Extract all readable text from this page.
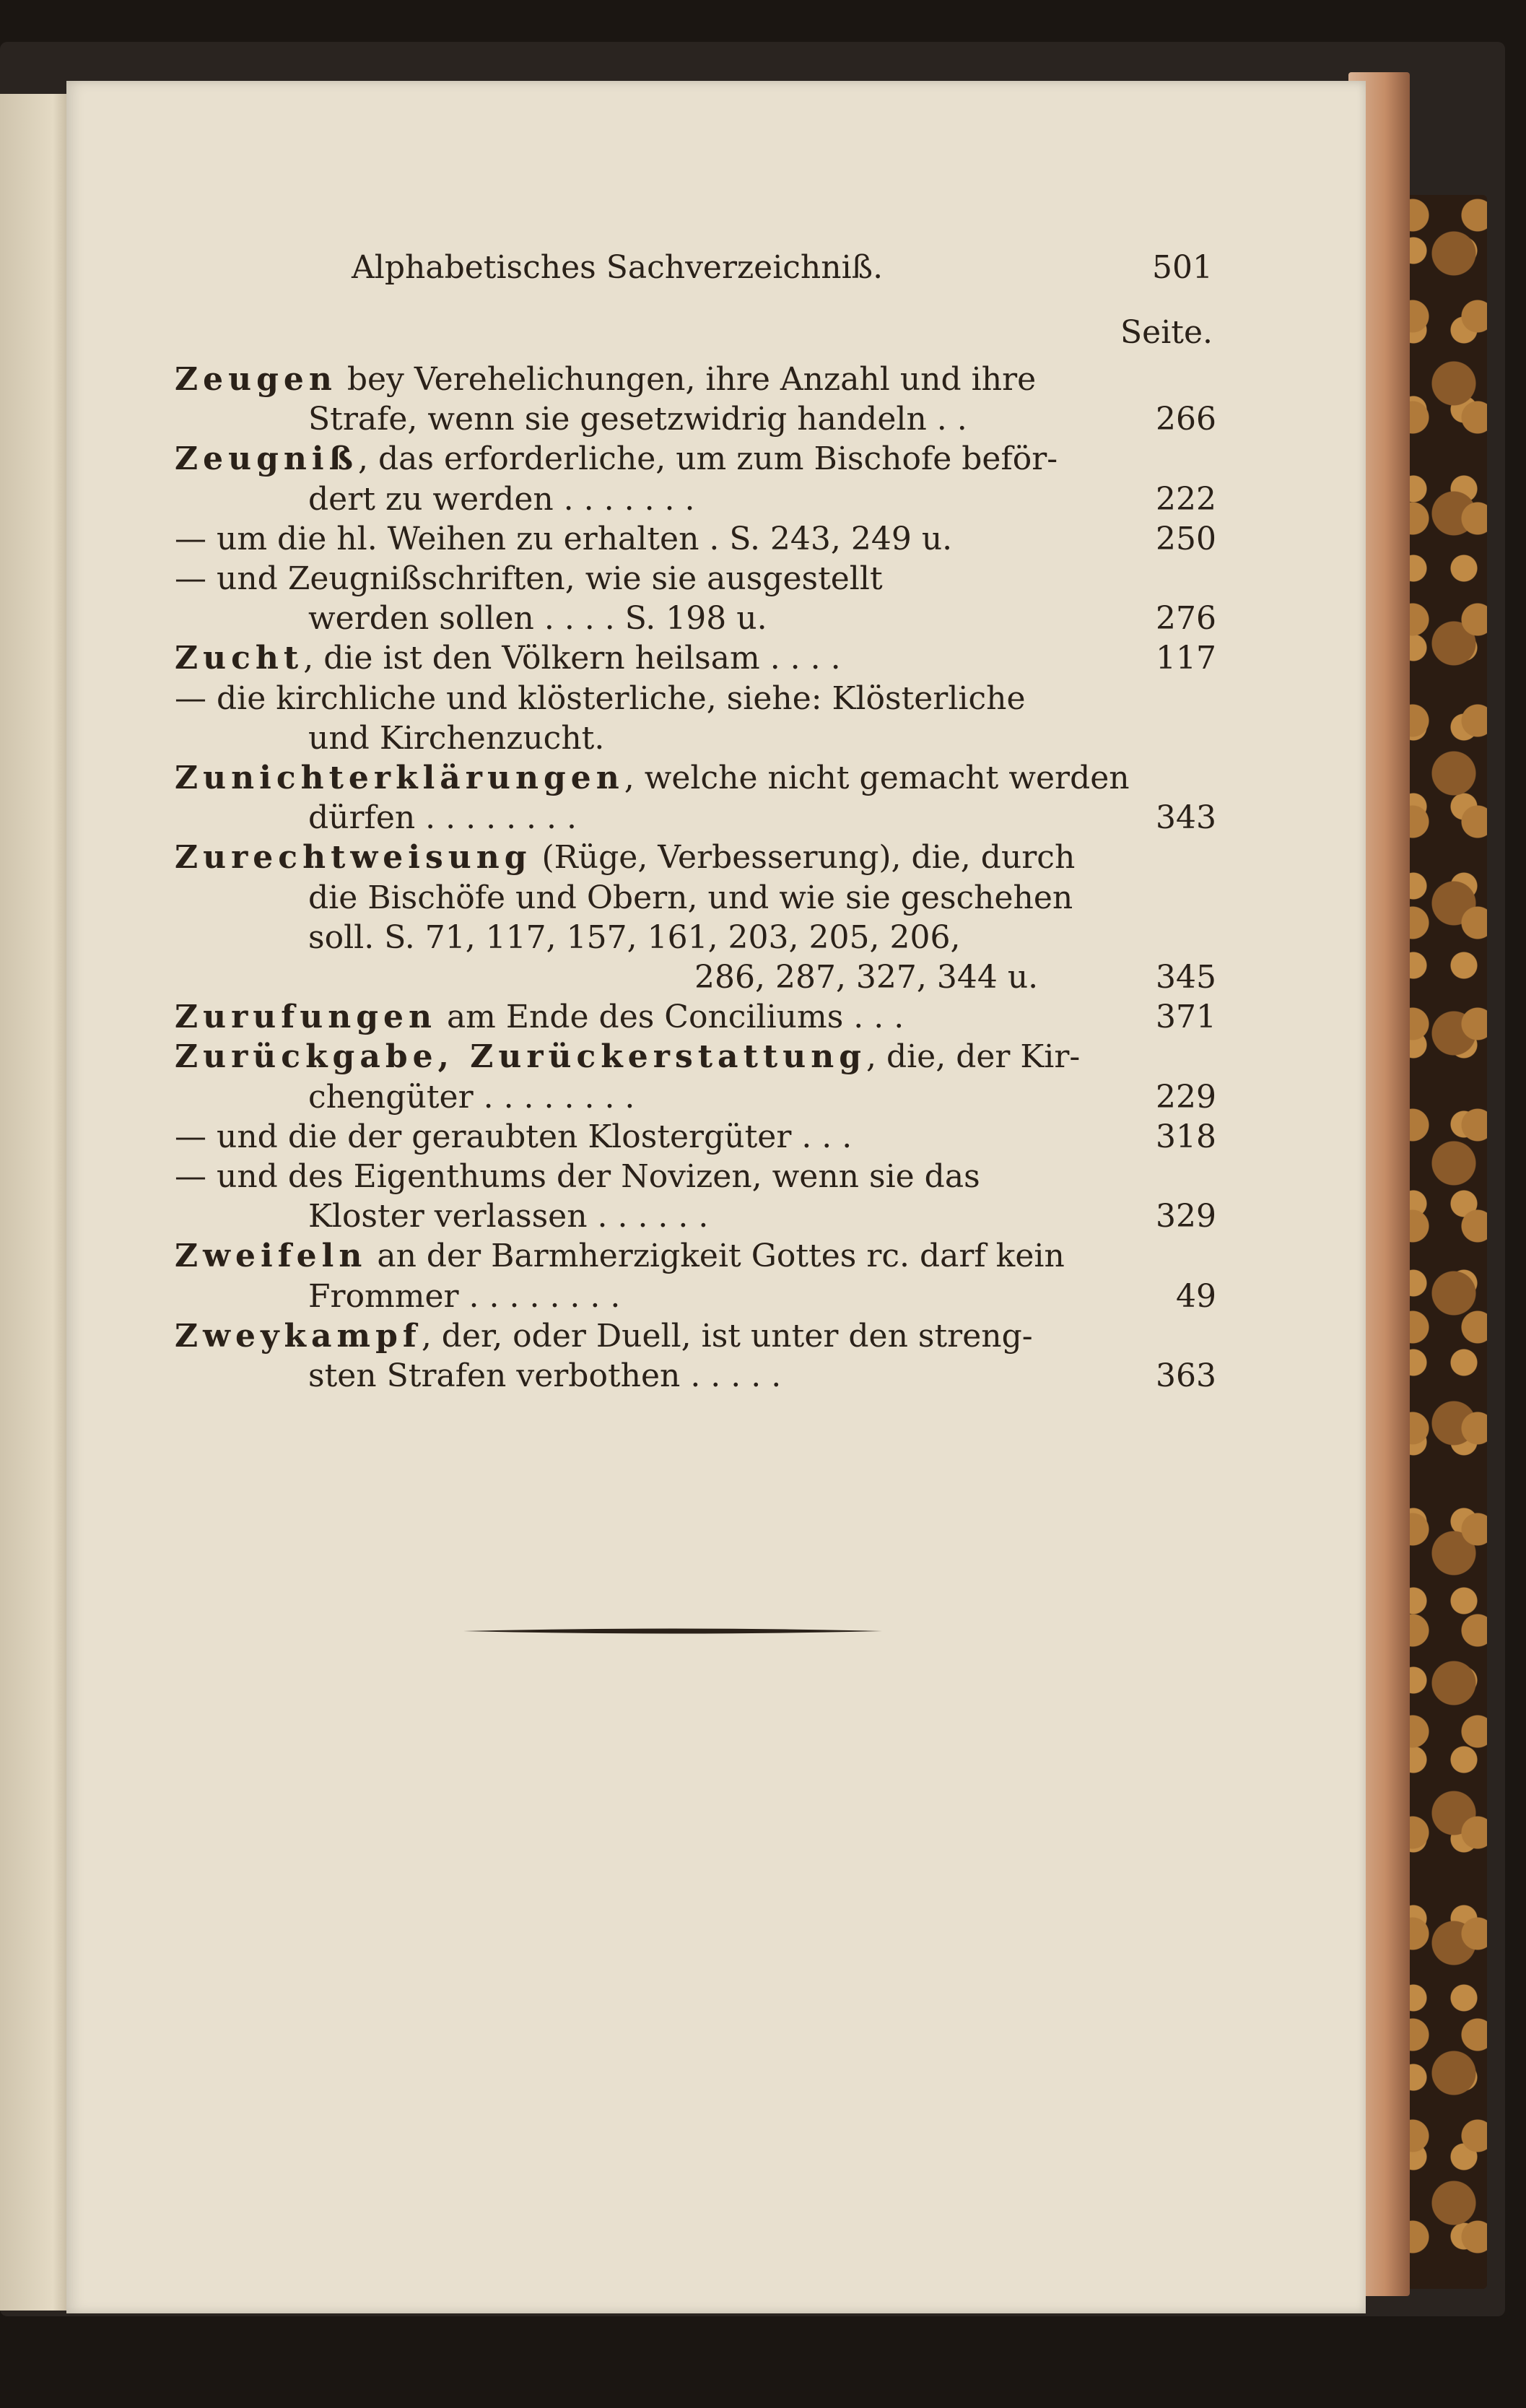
Alphabetisches Sachverzeichniß.	501
Seite.
Zeugen bey Verehelichungen, ihre Anzahl und ihre
Strafe, wenn sie gesetzwidrig handeln . .	266
Zeugniß, das erforderliche, um zum Bischofe beför-
dert zu werden . . . . . . .	222
— um die hl. Weihen zu erhalten . S. 243, 249 u.	250
— und Zeugnißschriften, wie sie ausgestellt
werden sollen . . . . S. 198 u.	276
Zucht, die ist den Völkern heilsam . . . .	117
— die kirchliche und klösterliche, siehe: Klösterliche
und Kirchenzucht.
Zunichterklärungen, welche nicht gemacht werden
dürfen . . . . . . . .	343
Zurechtweisung (Rüge, Verbesserung), die, durch
die Bischöfe und Obern, und wie sie geschehen
soll. S. 71, 117, 157, 161, 203, 205, 206,
286, 287, 327, 344 u.	345
Zurufungen am Ende des Conciliums . . .	371
Zurückgabe, Zurückerstattung, die, der Kir-
chengüter . . . . . . . .	229
— und die der geraubten Klostergüter . . .	318
— und des Eigenthums der Novizen, wenn sie das
Kloster verlassen . . . . . .	329
Zweifeln an der Barmherzigkeit Gottes rc. darf kein
Frommer . . . . . . . .	49
Zweykampf, der, oder Duell, ist unter den streng-
sten Strafen verbothen . . . . .	363
